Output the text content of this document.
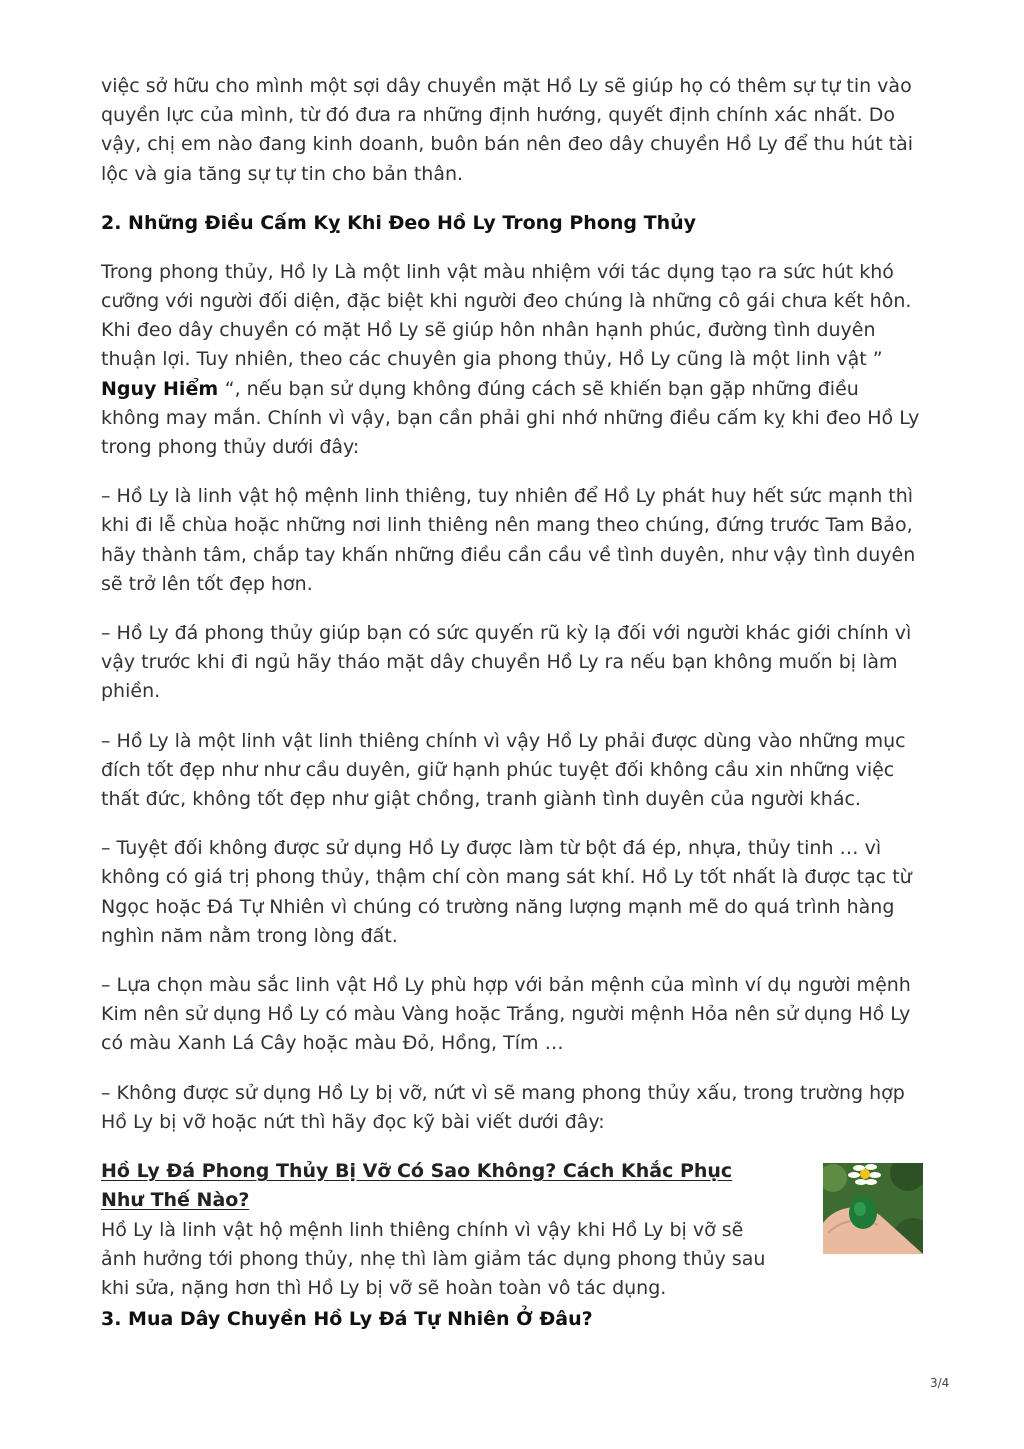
việc sở hữu cho mình một sợi dây chuyền mặt Hồ Ly sẽ giúp họ có thêm sự tự tin vào quyền lực của mình, từ đó đưa ra những định hướng, quyết định chính xác nhất. Do vậy, chị em nào đang kinh doanh, buôn bán nên đeo dây chuyền Hồ Ly để thu hút tài lộc và gia tăng sự tự tin cho bản thân.

2. Những Điều Cấm Kỵ Khi Đeo Hồ Ly Trong Phong Thủy

Trong phong thủy, Hồ ly Là một linh vật màu nhiệm với tác dụng tạo ra sức hút khó cưỡng với người đối diện, đặc biệt khi người đeo chúng là những cô gái chưa kết hôn. Khi đeo dây chuyền có mặt Hồ Ly sẽ giúp hôn nhân hạnh phúc, đường tình duyên thuận lợi. Tuy nhiên, theo các chuyên gia phong thủy, Hồ Ly cũng là một linh vật ” Nguy Hiểm “, nếu bạn sử dụng không đúng cách sẽ khiến bạn gặp những điều không may mắn. Chính vì vậy, bạn cần phải ghi nhớ những điều cấm kỵ khi đeo Hồ Ly trong phong thủy dưới đây:

– Hồ Ly là linh vật hộ mệnh linh thiêng, tuy nhiên để Hồ Ly phát huy hết sức mạnh thì khi đi lễ chùa hoặc những nơi linh thiêng nên mang theo chúng, đứng trước Tam Bảo, hãy thành tâm, chắp tay khấn những điều cần cầu về tình duyên, như vậy tình duyên sẽ trở lên tốt đẹp hơn.

– Hồ Ly đá phong thủy giúp bạn có sức quyến rũ kỳ lạ đối với người khác giới chính vì vậy trước khi đi ngủ hãy tháo mặt dây chuyền Hồ Ly ra nếu bạn không muốn bị làm phiền.

– Hồ Ly là một linh vật linh thiêng chính vì vậy Hồ Ly phải được dùng vào những mục đích tốt đẹp như như cầu duyên, giữ hạnh phúc tuyệt đối không cầu xin những việc thất đức, không tốt đẹp như giật chồng, tranh giành tình duyên của người khác.

– Tuyệt đối không được sử dụng Hồ Ly được làm từ bột đá ép, nhựa, thủy tinh … vì không có giá trị phong thủy, thậm chí còn mang sát khí. Hồ Ly tốt nhất là được tạc từ Ngọc hoặc Đá Tự Nhiên vì chúng có trường năng lượng mạnh mẽ do quá trình hàng nghìn năm nằm trong lòng đất.

– Lựa chọn màu sắc linh vật Hồ Ly phù hợp với bản mệnh của mình ví dụ người mệnh Kim nên sử dụng Hồ Ly có màu Vàng hoặc Trắng, người mệnh Hỏa nên sử dụng Hồ Ly có màu Xanh Lá Cây hoặc màu Đỏ, Hồng, Tím …

– Không được sử dụng Hồ Ly bị vỡ, nứt vì sẽ mang phong thủy xấu, trong trường hợp Hồ Ly bị vỡ hoặc nứt thì hãy đọc kỹ bài viết dưới đây:

Hồ Ly Đá Phong Thủy Bị Vỡ Có Sao Không? Cách Khắc Phục Như Thế Nào?

Hồ Ly là linh vật hộ mệnh linh thiêng chính vì vậy khi Hồ Ly bị vỡ sẽ ảnh hưởng tới phong thủy, nhẹ thì làm giảm tác dụng phong thủy sau khi sửa, nặng hơn thì Hồ Ly bị vỡ sẽ hoàn toàn vô tác dụng.

3. Mua Dây Chuyền Hồ Ly Đá Tự Nhiên Ở Đâu?
3/4
